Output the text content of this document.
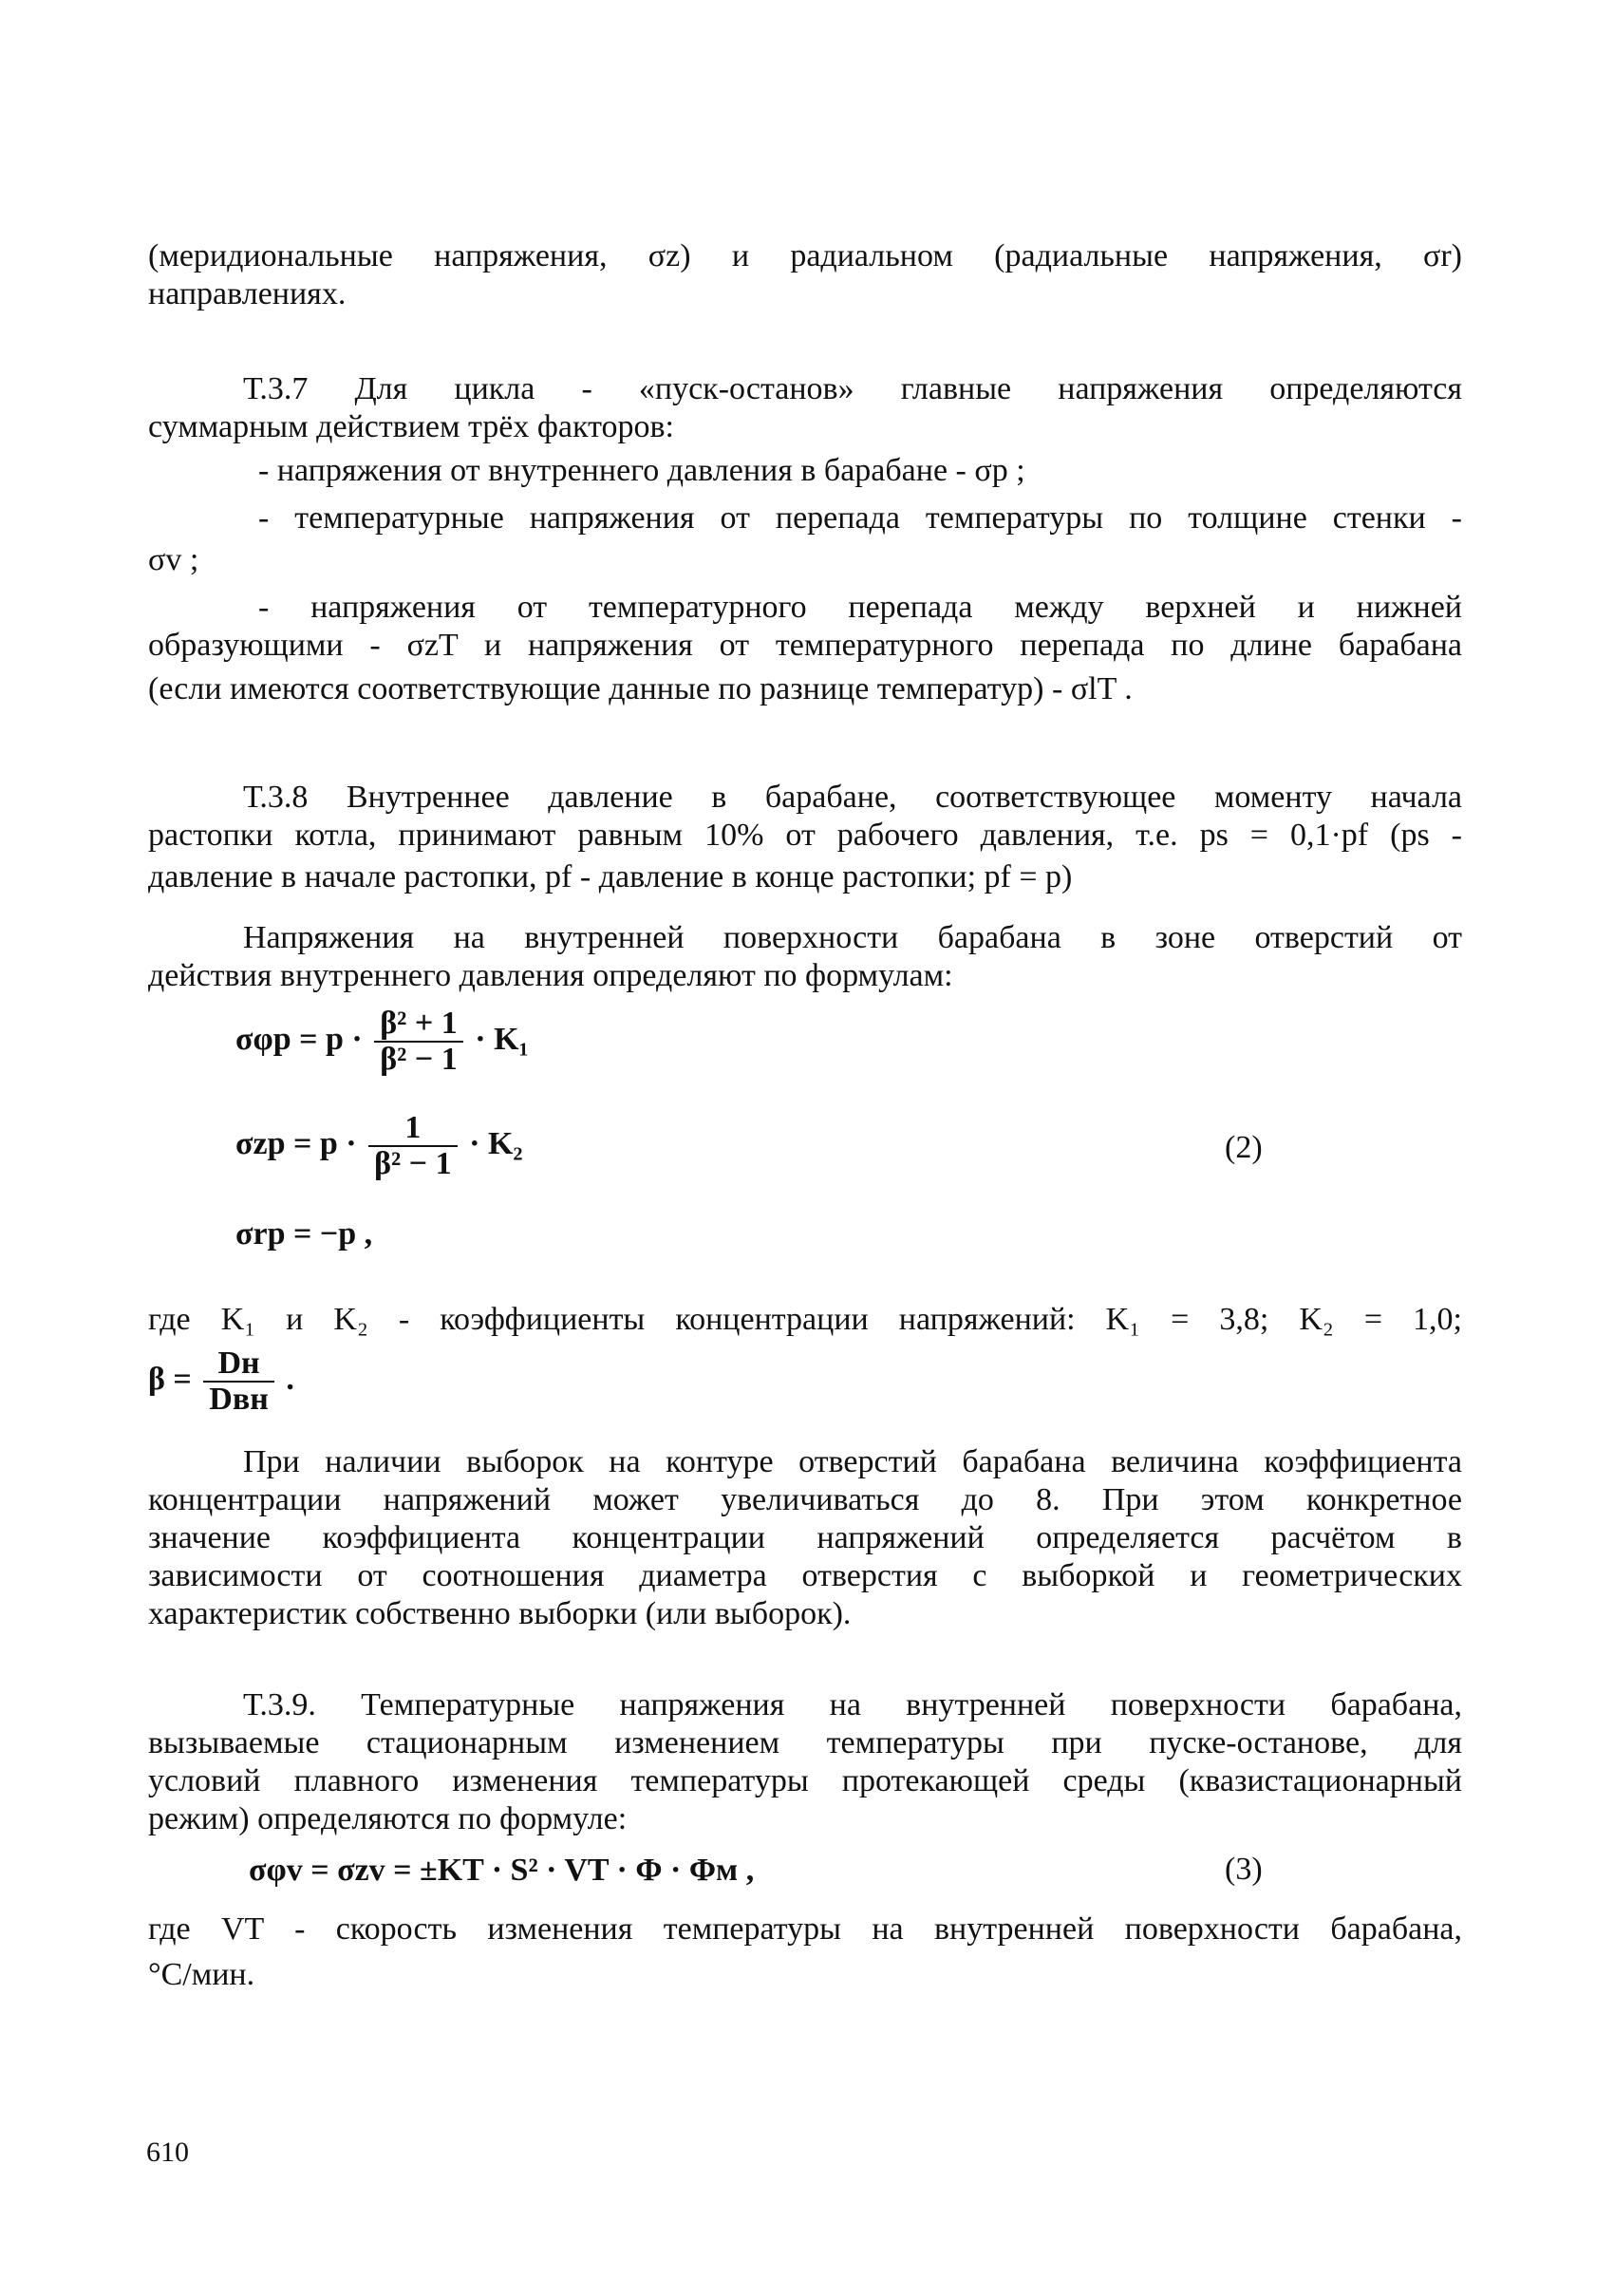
(меридиональные напряжения, σz) и радиальном (радиальные напряжения, σr)
направлениях.
Т.3.7 Для цикла - «пуск-останов» главные напряжения определяются
суммарным действием трёх факторов:
- напряжения от внутреннего давления в барабане - σp ;
- температурные напряжения от перепада температуры по толщине стенки -
σv ;
- напряжения от температурного перепада между верхней и нижней
образующими - σzT и напряжения от температурного перепада по длине барабана
(если имеются соответствующие данные по разнице температур) - σlT .
Т.3.8 Внутреннее давление в барабане, соответствующее моменту начала
растопки котла, принимают равным 10% от рабочего давления, т.е. ps = 0,1·pf (ps -
давление в начале растопки, pf - давление в конце растопки; pf = p)
Напряжения на внутренней поверхности барабана в зоне отверстий от
действия внутреннего давления определяют по формулам:
$\sigma\varphi p = p \cdot \frac{\text{β² + 1}}{\text{β² − 1}} \cdot K_1$
$\sigma zp = p \cdot \frac{1}{\text{β² − 1}} \cdot K_2$	(2)
σrp = −p ,
где K₁ и K₂ - коэффициенты концентрации напряжений: K₁ = 3,8; K₂ = 1,0;
$\beta = \frac{Dн}{\text{Dвн}}$ .
При наличии выборок на контуре отверстий барабана величина коэффициента
концентрации напряжений может увеличиваться до 8. При этом конкретное
значение коэффициента концентрации напряжений определяется расчётом в
зависимости от соотношения диаметра отверстия с выборкой и геометрических
характеристик собственно выборки (или выборок).
Т.3.9. Температурные напряжения на внутренней поверхности барабана,
вызываемые стационарным изменением температуры при пуске-останове, для
условий плавного изменения температуры протекающей среды (квазистационарный
режим) определяются по формуле:
σφv = σzv = ±KT · S² · VT · Φ · Φм ,	(3)
где VT - скорость изменения температуры на внутренней поверхности барабана,
°С/мин.
610
